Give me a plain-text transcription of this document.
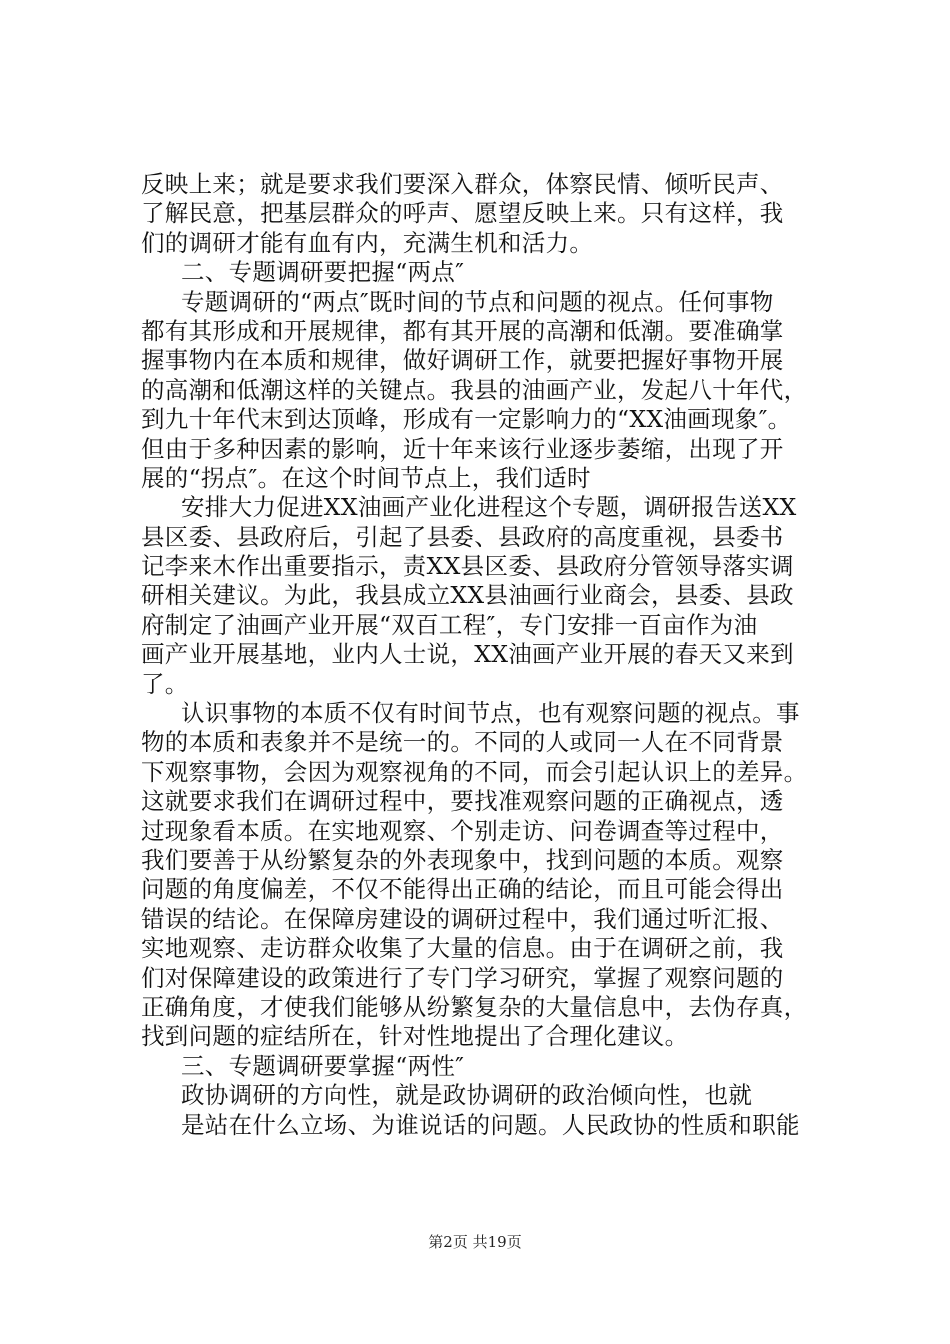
反映上来；就是要求我们要深入群众，体察民情、倾听民声、
了解民意，把基层群众的呼声、愿望反映上来。只有这样，我
们的调研才能有血有内，充满生机和活力。
二、专题调研要把握“两点″
专题调研的“两点″既时间的节点和问题的视点。任何事物
都有其形成和开展规律，都有其开展的高潮和低潮。要准确掌
握事物内在本质和规律，做好调研工作，就要把握好事物开展
的高潮和低潮这样的关键点。我县的油画产业，发起八十年代，
到九十年代末到达顶峰，形成有一定影响力的“XX油画现象″。
但由于多种因素的影响，近十年来该行业逐步萎缩，出现了开
展的“拐点″。在这个时间节点上，我们适时
安排大力促进XX油画产业化进程这个专题，调研报告送XX
县区委、县政府后，引起了县委、县政府的高度重视，县委书
记李来木作出重要指示，责XX县区委、县政府分管领导落实调
研相关建议。为此，我县成立XX县油画行业商会，县委、县政
府制定了油画产业开展“双百工程″，专门安排一百亩作为油
画产业开展基地，业内人士说，XX油画产业开展的春天又来到
了。
认识事物的本质不仅有时间节点，也有观察问题的视点。事
物的本质和表象并不是统一的。不同的人或同一人在不同背景
下观察事物，会因为观察视角的不同，而会引起认识上的差异。
这就要求我们在调研过程中，要找准观察问题的正确视点，透
过现象看本质。在实地观察、个别走访、问卷调查等过程中，
我们要善于从纷繁复杂的外表现象中，找到问题的本质。观察
问题的角度偏差，不仅不能得出正确的结论，而且可能会得出
错误的结论。在保障房建设的调研过程中，我们通过听汇报、
实地观察、走访群众收集了大量的信息。由于在调研之前，我
们对保障建设的政策进行了专门学习研究，掌握了观察问题的
正确角度，才使我们能够从纷繁复杂的大量信息中，去伪存真，
找到问题的症结所在，针对性地提出了合理化建议。
三、专题调研要掌握“两性″
政协调研的方向性，就是政协调研的政治倾向性，也就
是站在什么立场、为谁说话的问题。人民政协的性质和职能
第2页 共19页
